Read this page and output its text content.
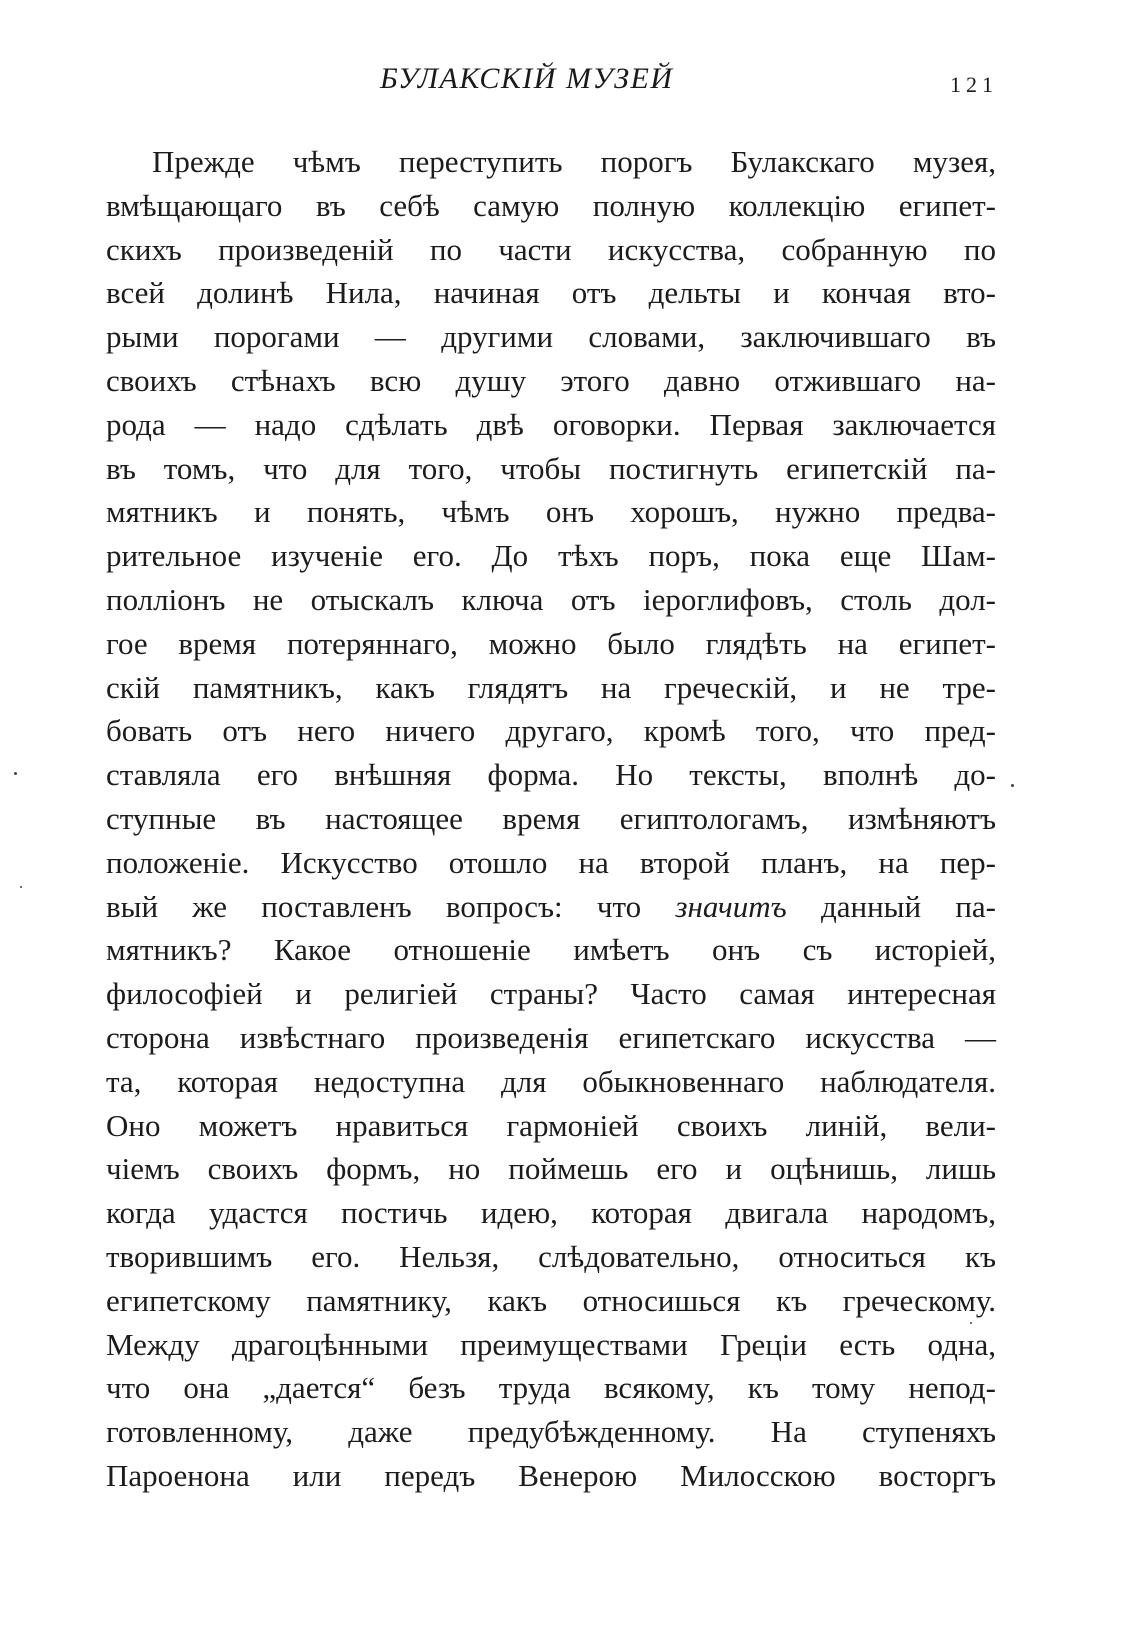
БУЛАКСКІЙ МУЗЕЙ	121
Прежде чѣмъ переступить порогъ Булакскаго музея,
вмѣщающаго въ себѣ самую полную коллекцію египет-
скихъ произведеній по части искусства, собранную по
всей долинѣ Нила, начиная отъ дельты и кончая вто-
рыми порогами — другими словами, заключившаго въ
своихъ стѣнахъ всю душу этого давно отжившаго на-
рода — надо сдѣлать двѣ оговорки. Первая заключается
въ томъ, что для того, чтобы постигнуть египетскій па-
мятникъ и понять, чѣмъ онъ хорошъ, нужно предва-
рительное изученіе его. До тѣхъ поръ, пока еще Шам-
полліонъ не отыскалъ ключа отъ іероглифовъ, столь дол-
гое время потеряннаго, можно было глядѣть на египет-
скій памятникъ, какъ глядятъ на греческій, и не тре-
бовать отъ него ничего другаго, кромѣ того, что пред-
ставляла его внѣшняя форма. Но тексты, вполнѣ до-
ступные въ настоящее время египтологамъ, измѣняютъ
положеніе. Искусство отошло на второй планъ, на пер-
вый же поставленъ вопросъ: что значитъ данный па-
мятникъ? Какое отношеніе имѣетъ онъ съ исторіей,
философіей и религіей страны? Часто самая интересная
сторона извѣстнаго произведенія египетскаго искусства —
та, которая недоступна для обыкновеннаго наблюдателя.
Оно можетъ нравиться гармоніей своихъ линій, вели-
чіемъ своихъ формъ, но поймешь его и оцѣнишь, лишь
когда удастся постичь идею, которая двигала народомъ,
творившимъ его. Нельзя, слѣдовательно, относиться къ
египетскому памятнику, какъ относишься къ греческому.
Между драгоцѣнными преимуществами Греціи есть одна,
что она „дается“ безъ труда всякому, къ тому непод-
готовленному, даже предубѣжденному. На ступеняхъ
Пароенона или передъ Венерою Милосскою восторгъ
